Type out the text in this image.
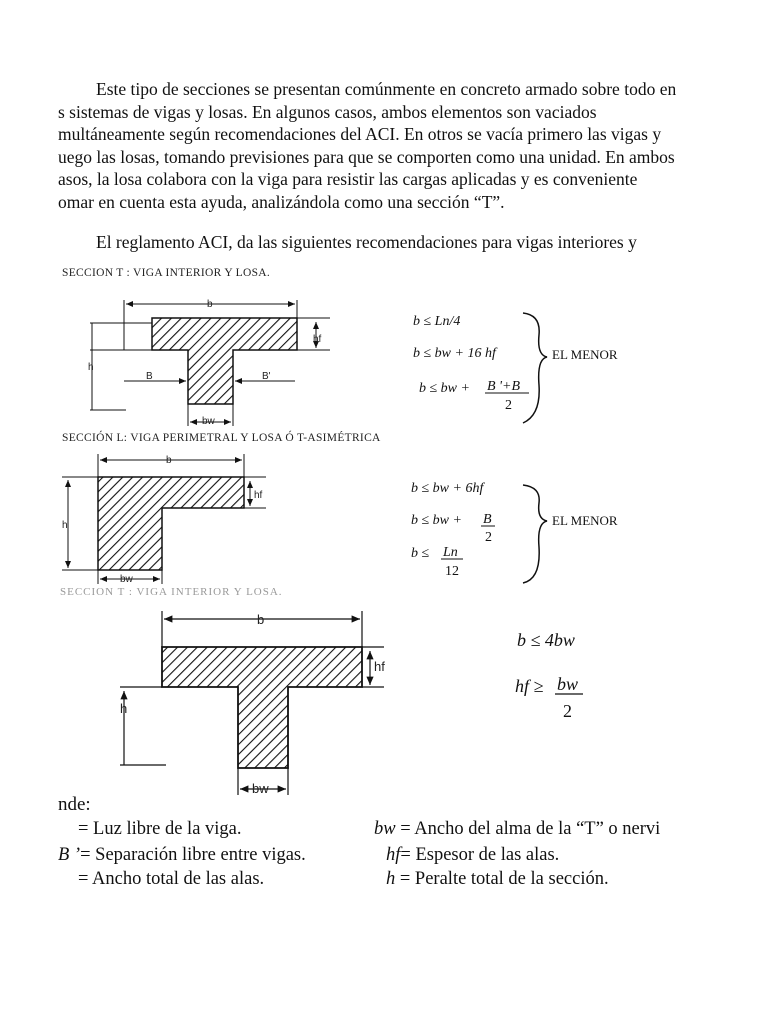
Este tipo de secciones se presentan comúnmente en concreto armado sobre todo en
s sistemas de vigas y losas. En algunos casos, ambos elementos son vaciados
multáneamente según recomendaciones del ACI. En otros se vacía primero las vigas y
uego las losas, tomando previsiones para que se comporten como una unidad. En ambos
asos, la losa colabora con la viga para resistir las cargas aplicadas y es conveniente
omar en cuenta esta ayuda, analizándola como una sección “T”.
El reglamento ACI, da las siguientes recomendaciones para vigas interiores y
SECCION T : VIGA INTERIOR Y LOSA.
b
hf
h
B	B'
bw
b ≤ Ln/4
b ≤ bw + 16 hf
b ≤ bw + B '+B
2
EL MENOR
SECCIÓN L: VIGA PERIMETRAL Y LOSA Ó T-ASIMÉTRICA
b
hf
h
bw
b ≤ bw + 6hf
b ≤ bw + B
2
b ≤ Ln
12
EL MENOR
SECCION T : VIGA INTERIOR Y LOSA.
b
hf
h
bw
b ≤ 4bw
hf ≥ bw
2
nde:
= Luz libre de la viga.	bw = Ancho del alma de la “T” o nervi
B ’= Separación libre entre vigas.	hf= Espesor de las alas.
= Ancho total de las alas.	h = Peralte total de la sección.
